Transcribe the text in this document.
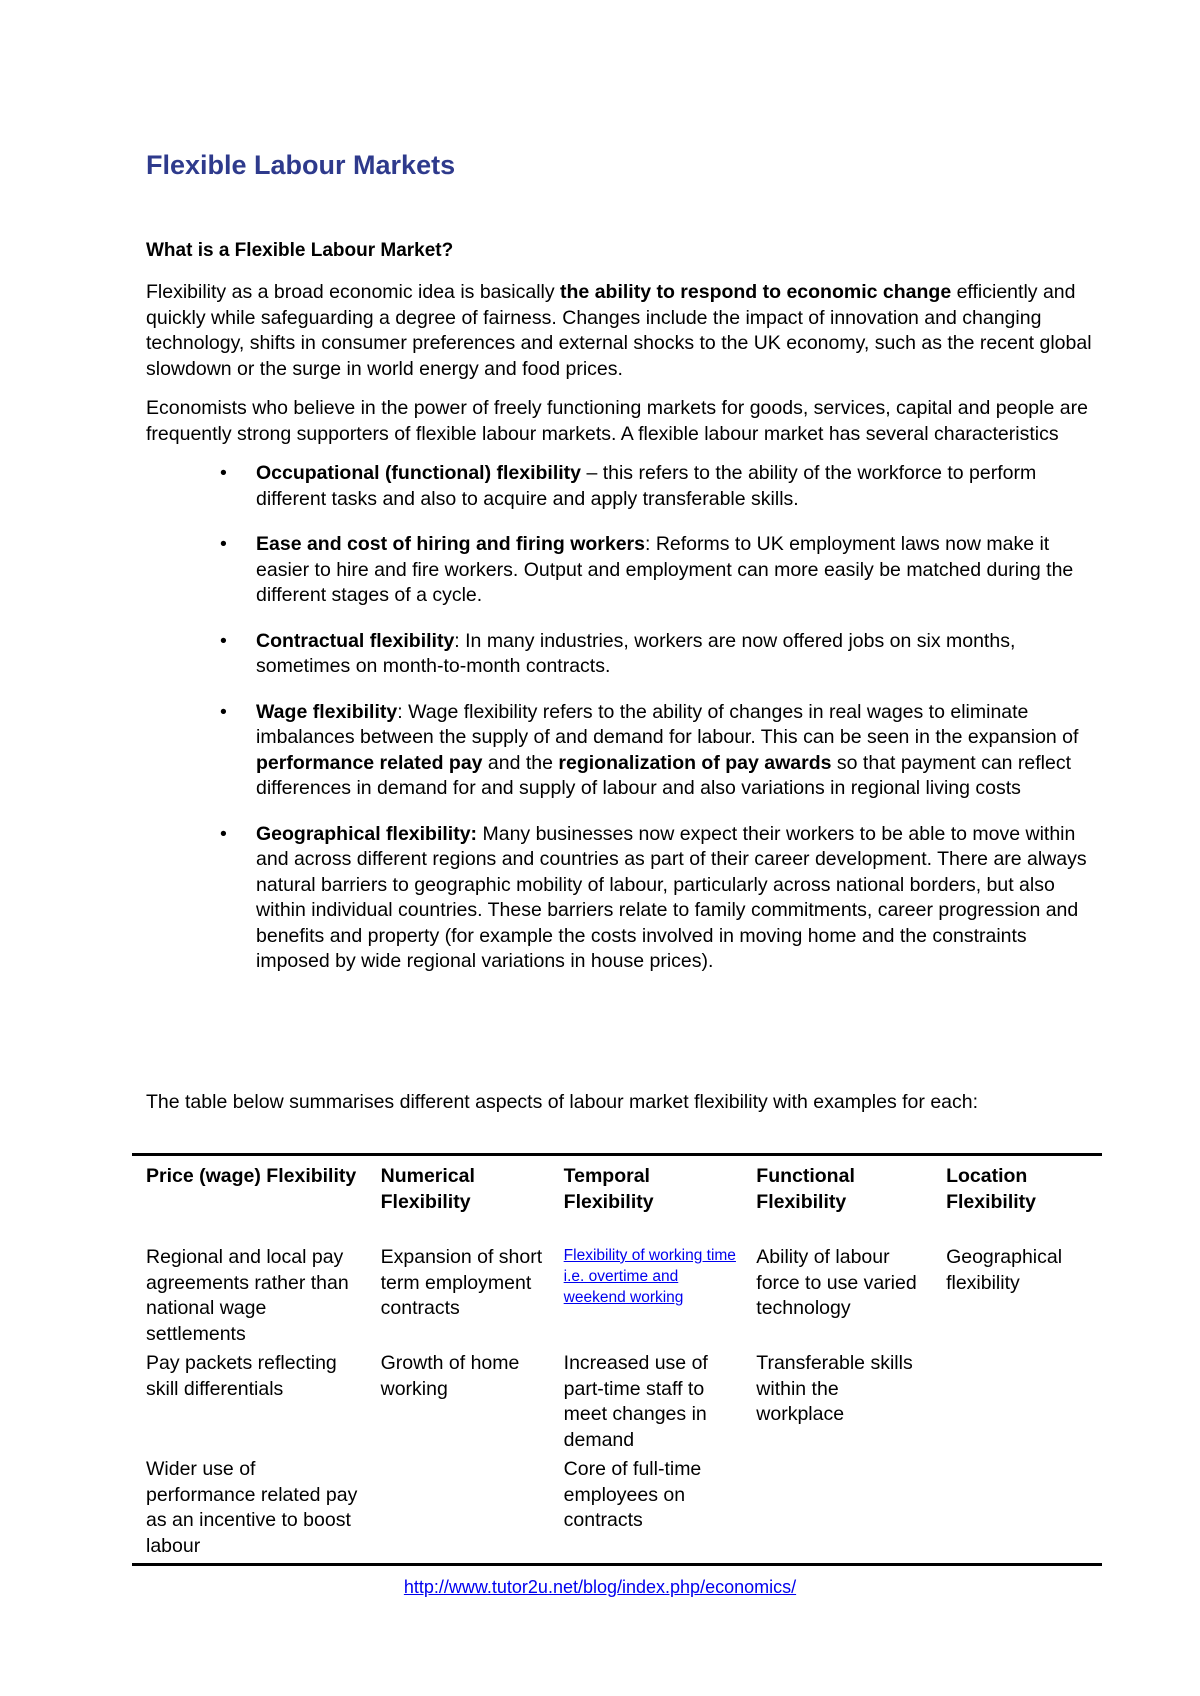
Flexible Labour Markets
What is a Flexible Labour Market?

Flexibility as a broad economic idea is basically the ability to respond to economic change efficiently and quickly while safeguarding a degree of fairness. Changes include the impact of innovation and changing technology, shifts in consumer preferences and external shocks to the UK economy, such as the recent global slowdown or the surge in world energy and food prices.

Economists who believe in the power of freely functioning markets for goods, services, capital and people are frequently strong supporters of flexible labour markets. A flexible labour market has several characteristics

• Occupational (functional) flexibility – this refers to the ability of the workforce to perform different tasks and also to acquire and apply transferable skills.
• Ease and cost of hiring and firing workers: Reforms to UK employment laws now make it easier to hire and fire workers. Output and employment can more easily be matched during the different stages of a cycle.
• Contractual flexibility: In many industries, workers are now offered jobs on six months, sometimes on month-to-month contracts.
• Wage flexibility: Wage flexibility refers to the ability of changes in real wages to eliminate imbalances between the supply of and demand for labour. This can be seen in the expansion of performance related pay and the regionalization of pay awards so that payment can reflect differences in demand for and supply of labour and also variations in regional living costs
• Geographical flexibility: Many businesses now expect their workers to be able to move within and across different regions and countries as part of their career development. There are always natural barriers to geographic mobility of labour, particularly across national borders, but also within individual countries. These barriers relate to family commitments, career progression and benefits and property (for example the costs involved in moving home and the constraints imposed by wide regional variations in house prices).

The table below summarises different aspects of labour market flexibility with examples for each:

Price (wage) Flexibility	Numerical Flexibility	Temporal Flexibility	Functional Flexibility	Location Flexibility
Regional and local pay agreements rather than national wage settlements	Expansion of short term employment contracts	Flexibility of working time i.e. overtime and weekend working	Ability of labour force to use varied technology	Geographical flexibility
Pay packets reflecting skill differentials	Growth of home working	Increased use of part-time staff to meet changes in demand	Transferable skills within the workplace	
Wider use of performance related pay as an incentive to boost labour		Core of full-time employees on contracts		
http://www.tutor2u.net/blog/index.php/economics/
